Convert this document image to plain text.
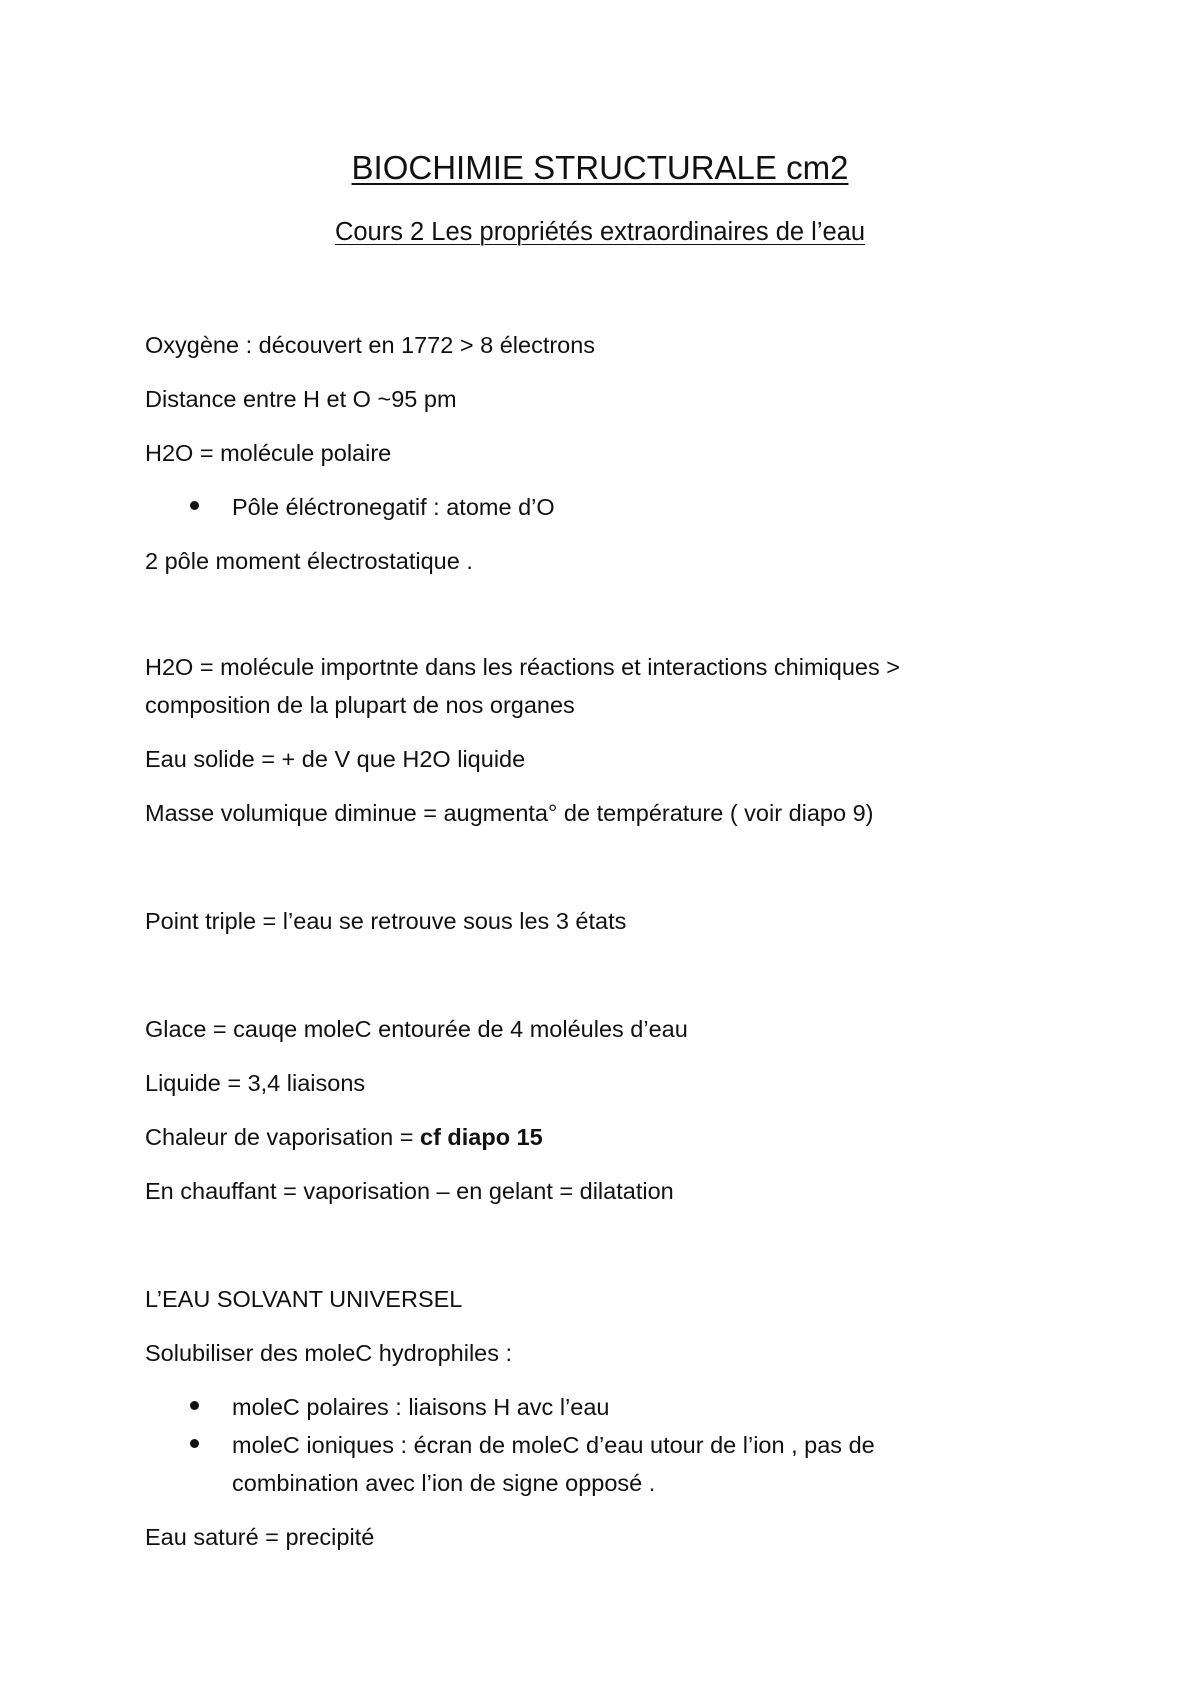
BIOCHIMIE STRUCTURALE cm2
Cours 2 Les propriétés extraordinaires de l’eau

Oxygène : découvert en 1772 > 8 électrons

Distance entre H et O ~95 pm

H2O = molécule polaire

Pôle éléctronegatif : atome d’O

2 pôle moment électrostatique .

H2O = molécule importnte dans les réactions et interactions chimiques >

composition de la plupart de nos organes

Eau solide = + de V que H2O liquide

Masse volumique diminue = augmenta° de température ( voir diapo 9)

Point triple = l’eau se retrouve sous les 3 états

Glace = cauqe moleC entourée de 4 moléules d’eau

Liquide = 3,4 liaisons

Chaleur de vaporisation = cf diapo 15

En chauffant = vaporisation – en gelant = dilatation

L’EAU SOLVANT UNIVERSEL

Solubiliser des moleC hydrophiles :

moleC polaires : liaisons H avc l’eau
moleC ioniques : écran de moleC d’eau utour de l’ion , pas de
combination avec l’ion de signe opposé .

Eau saturé = precipité
